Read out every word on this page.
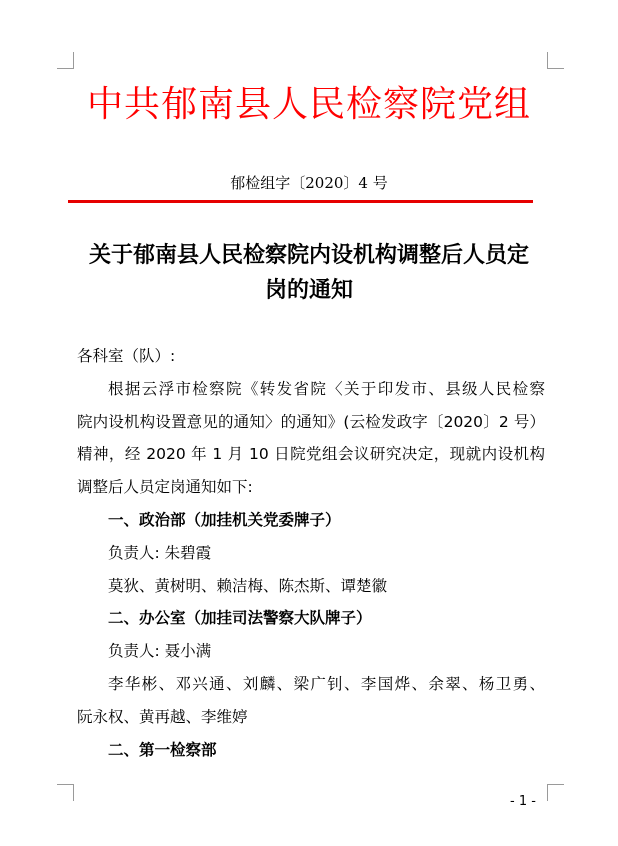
中共郁南县人民检察院党组
郁检组字〔2020〕4 号
关于郁南县人民检察院内设机构调整后人员定
岗的通知
各科室（队）:
根据云浮市检察院《转发省院〈关于印发市、县级人民检察
院内设机构设置意见的通知〉的通知》(云检发政字〔2020〕2 号）
精神，经 2020 年 1 月 10 日院党组会议研究决定，现就内设机构
调整后人员定岗通知如下:
一、政治部（加挂机关党委牌子）
负责人: 朱碧霞
莫狄、黄树明、赖洁梅、陈杰斯、谭楚徽
二、办公室（加挂司法警察大队牌子）
负责人: 聂小满
李华彬、邓兴通、刘麟、梁广钊、李国烨、余翠、杨卫勇、
阮永权、黄再越、李维婷
二、第一检察部
- 1 -
